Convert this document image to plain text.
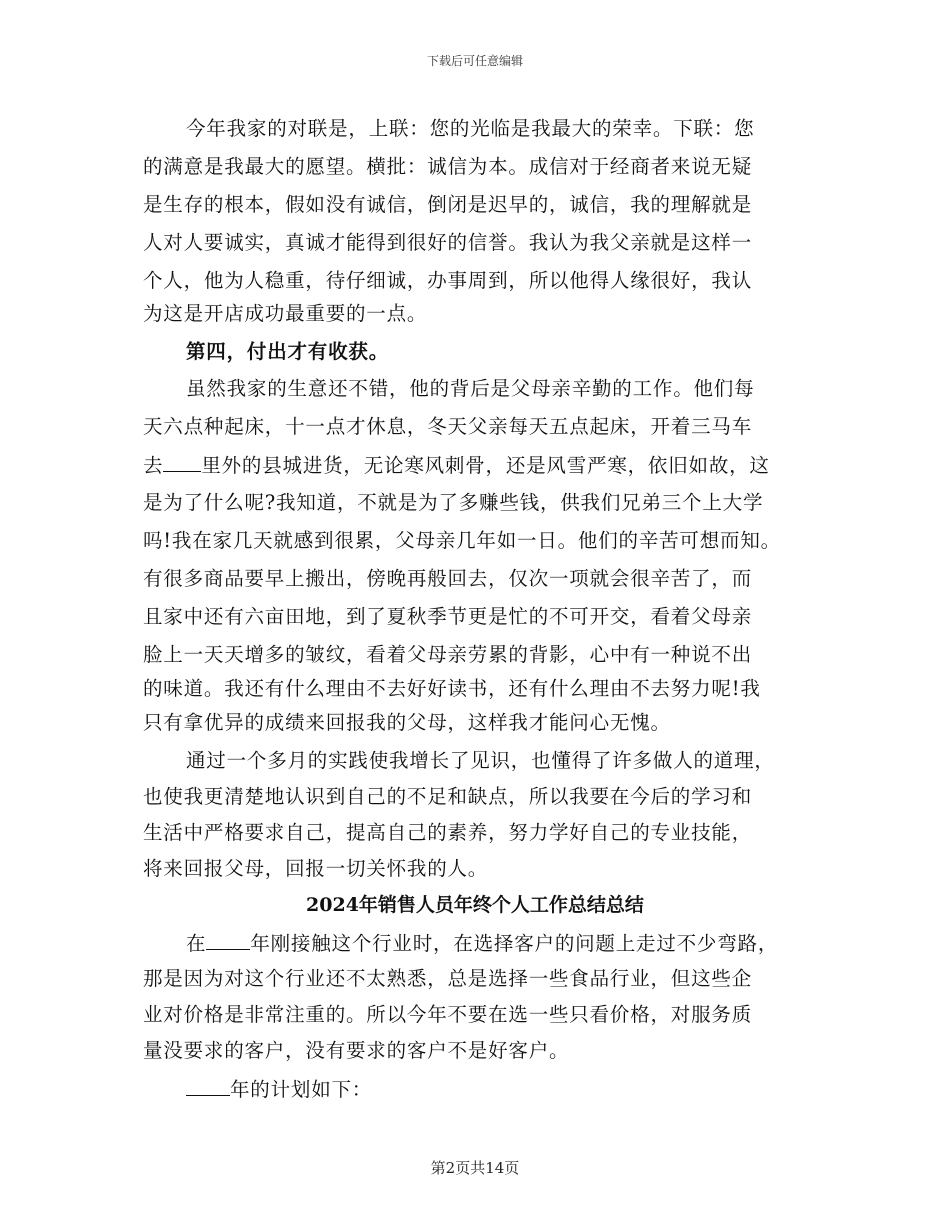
下载后可任意编辑
今年我家的对联是，上联：您的光临是我最大的荣幸。下联：您
的满意是我最大的愿望。横批：诚信为本。成信对于经商者来说无疑
是生存的根本，假如没有诚信，倒闭是迟早的，诚信，我的理解就是
人对人要诚实，真诚才能得到很好的信誉。我认为我父亲就是这样一
个人，他为人稳重，待仔细诚，办事周到，所以他得人缘很好，我认
为这是开店成功最重要的一点。
第四，付出才有收获。
虽然我家的生意还不错，他的背后是父母亲辛勤的工作。他们每
天六点种起床，十一点才休息，冬天父亲每天五点起床，开着三马车
去 里外的县城进货，无论寒风刺骨，还是风雪严寒，依旧如故，这
是为了什么呢?我知道，不就是为了多赚些钱，供我们兄弟三个上大学
吗!我在家几天就感到很累，父母亲几年如一日。他们的辛苦可想而知。
有很多商品要早上搬出，傍晚再般回去，仅次一项就会很辛苦了，而
且家中还有六亩田地，到了夏秋季节更是忙的不可开交，看着父母亲
脸上一天天增多的皱纹，看着父母亲劳累的背影，心中有一种说不出
的味道。我还有什么理由不去好好读书，还有什么理由不去努力呢!我
只有拿优异的成绩来回报我的父母，这样我才能问心无愧。
通过一个多月的实践使我增长了见识，也懂得了许多做人的道理，
也使我更清楚地认识到自己的不足和缺点，所以我要在今后的学习和
生活中严格要求自己，提高自己的素养，努力学好自己的专业技能，
将来回报父母，回报一切关怀我的人。
2024年销售人员年终个人工作总结总结
在 年刚接触这个行业时，在选择客户的问题上走过不少弯路，
那是因为对这个行业还不太熟悉，总是选择一些食品行业，但这些企
业对价格是非常注重的。所以今年不要在选一些只看价格，对服务质
量没要求的客户，没有要求的客户不是好客户。
年的计划如下：
第2页共14页
